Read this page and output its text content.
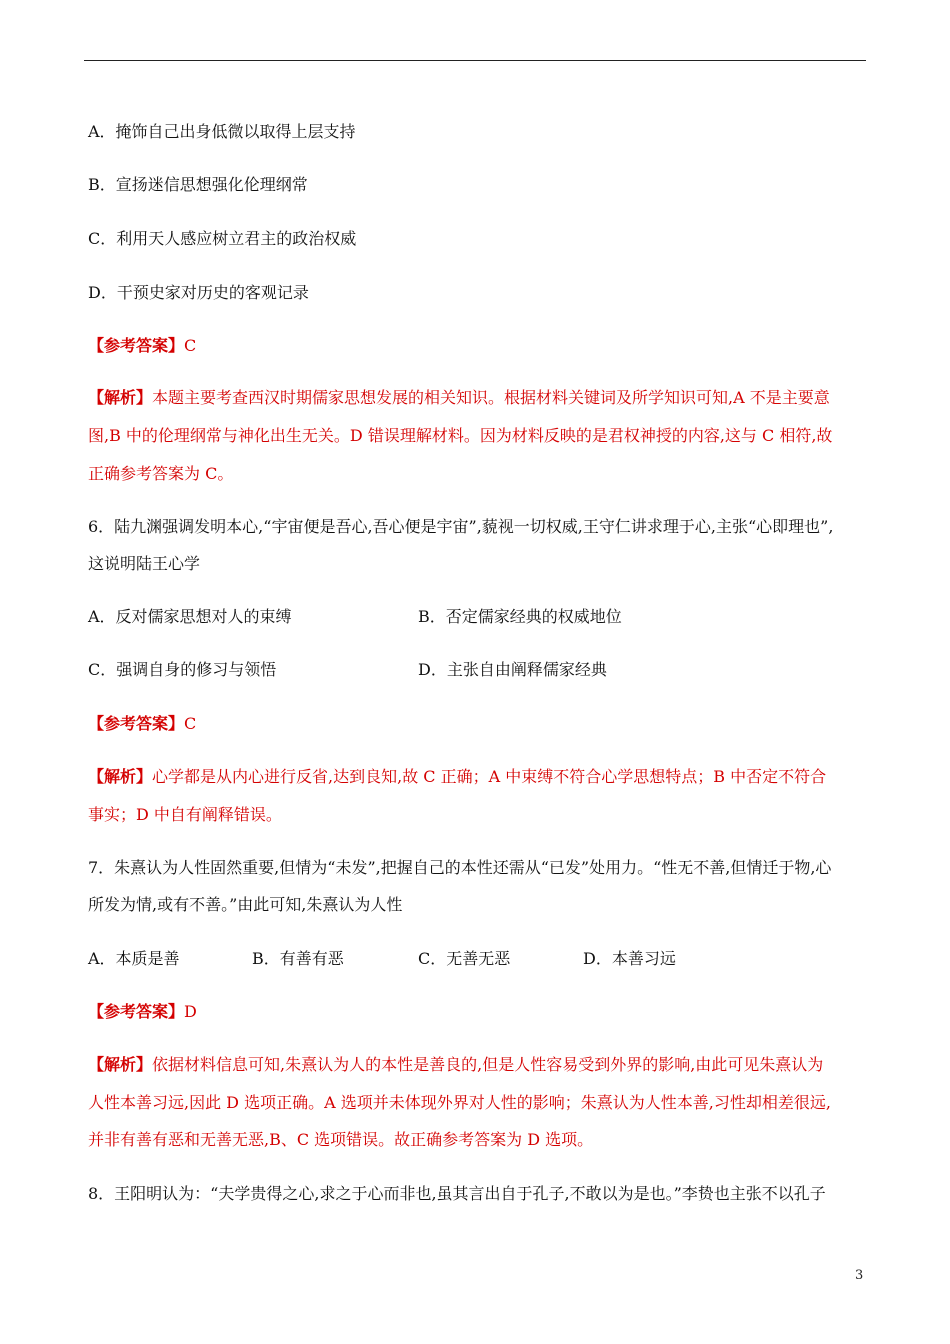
A．掩饰自己出身低微以取得上层支持
B．宣扬迷信思想强化伦理纲常
C．利用天人感应树立君主的政治权威
D．干预史家对历史的客观记录
【参考答案】C
【解析】本题主要考查西汉时期儒家思想发展的相关知识。根据材料关键词及所学知识可知,A 不是主要意
图,B 中的伦理纲常与神化出生无关。D 错误理解材料。因为材料反映的是君权神授的内容,这与 C 相符,故
正确参考答案为 C。
6．陆九渊强调发明本心,“宇宙便是吾心,吾心便是宇宙”,藐视一切权威,王守仁讲求理于心,主张“心即理也”,
这说明陆王心学
A．反对儒家思想对人的束缚	B．否定儒家经典的权威地位
C．强调自身的修习与领悟	D．主张自由阐释儒家经典
【参考答案】C
【解析】心学都是从内心进行反省,达到良知,故 C 正确；A 中束缚不符合心学思想特点；B 中否定不符合
事实；D 中自有阐释错误。
7．朱熹认为人性固然重要,但情为“未发”,把握自己的本性还需从“已发”处用力。“性无不善,但情迁于物,心
所发为情,或有不善。”由此可知,朱熹认为人性
A．本质是善	B．有善有恶	C．无善无恶	D．本善习远
【参考答案】D
【解析】依据材料信息可知,朱熹认为人的本性是善良的,但是人性容易受到外界的影响,由此可见朱熹认为
人性本善习远,因此 D 选项正确。A 选项并未体现外界对人性的影响；朱熹认为人性本善,习性却相差很远,
并非有善有恶和无善无恶,B、C 选项错误。故正确参考答案为 D 选项。
8．王阳明认为：“夫学贵得之心,求之于心而非也,虽其言出自于孔子,不敢以为是也。”李贽也主张不以孔子
3
